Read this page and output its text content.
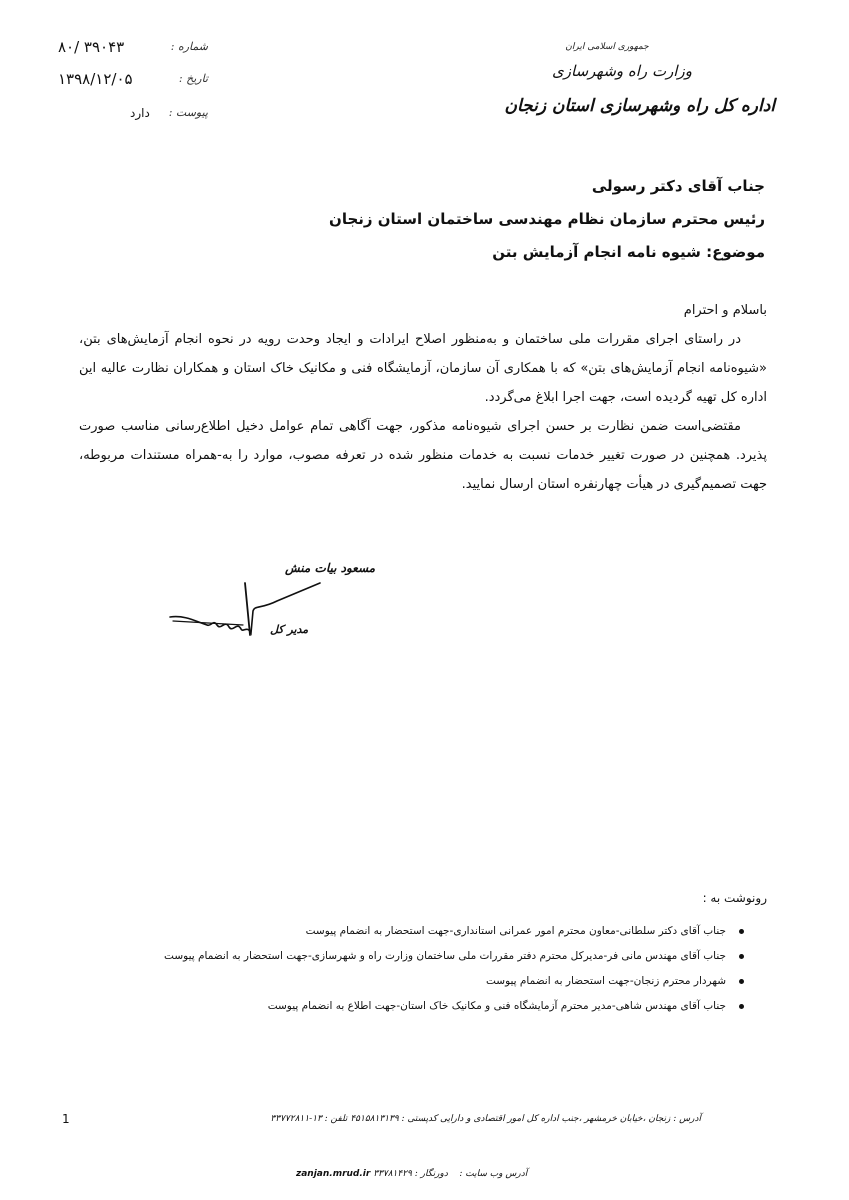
جمهوری اسلامی ایران
وزارت راه وشهرسازی
اداره کل راه وشهرسازی استان زنجان
۸۰/ ۳۹۰۴۳	شماره :
۱۳۹۸/۱۲/۰۵	تاریخ :
دارد پیوست :
جناب آقای دکتر رسولی
رئیس محترم سازمان نظام مهندسی ساختمان استان زنجان
موضوع: شیوه نامه انجام آزمایش بتن

باسلام و احترام

در راستای اجرای مقررات ملی ساختمان و به‌منظور اصلاح ایرادات و ایجاد وحدت رویه در نحوه انجام آزمایش‌های بتن، «شیوه‌نامه انجام آزمایش‌های بتن» که با همکاری آن سازمان، آزمایشگاه فنی و مکانیک خاک استان و همکاران نظارت عالیه این اداره کل تهیه گردیده است، جهت اجرا ابلاغ می‌گردد.

مقتضی‌است ضمن نظارت بر حسن اجرای شیوه‌نامه مذکور، جهت آگاهی تمام عوامل دخیل اطلاع‌رسانی مناسب صورت پذیرد. همچنین در صورت تغییر خدمات نسبت به خدمات منظور شده در تعرفه مصوب، موارد را به-همراه مستندات مربوطه، جهت تصمیم‌گیری در هیأت چهارنفره استان ارسال نمایید.

مسعود بیات منش
مدیر کل
رونوشت به :
جناب آقای دکتر سلطانی-معاون محترم امور عمرانی استانداری-جهت استحضار به انضمام پیوست
جناب آقای مهندس مانی فر-مدیرکل محترم دفتر مقررات ملی ساختمان وزارت راه و شهرسازی-جهت استحضار به انضمام پیوست
شهردار محترم زنجان-جهت استحضار به انضمام پیوست
جناب آقای مهندس شاهی-مدیر محترم آزمایشگاه فنی و مکانیک خاک استان-جهت اطلاع به انضمام پیوست
1	آدرس : زنجان ،خیابان خرمشهر ،جنب اداره کل امور اقتصادی و دارایی کدپستی : ۴۵۱۵۸۱۳۱۳۹ تلفن : ۱۳-۳۳۷۷۲۸۱۱
zanjan.mrud.ir	آدرس وب سایت :    دورنگار : ۳۳۷۸۱۴۲۹
